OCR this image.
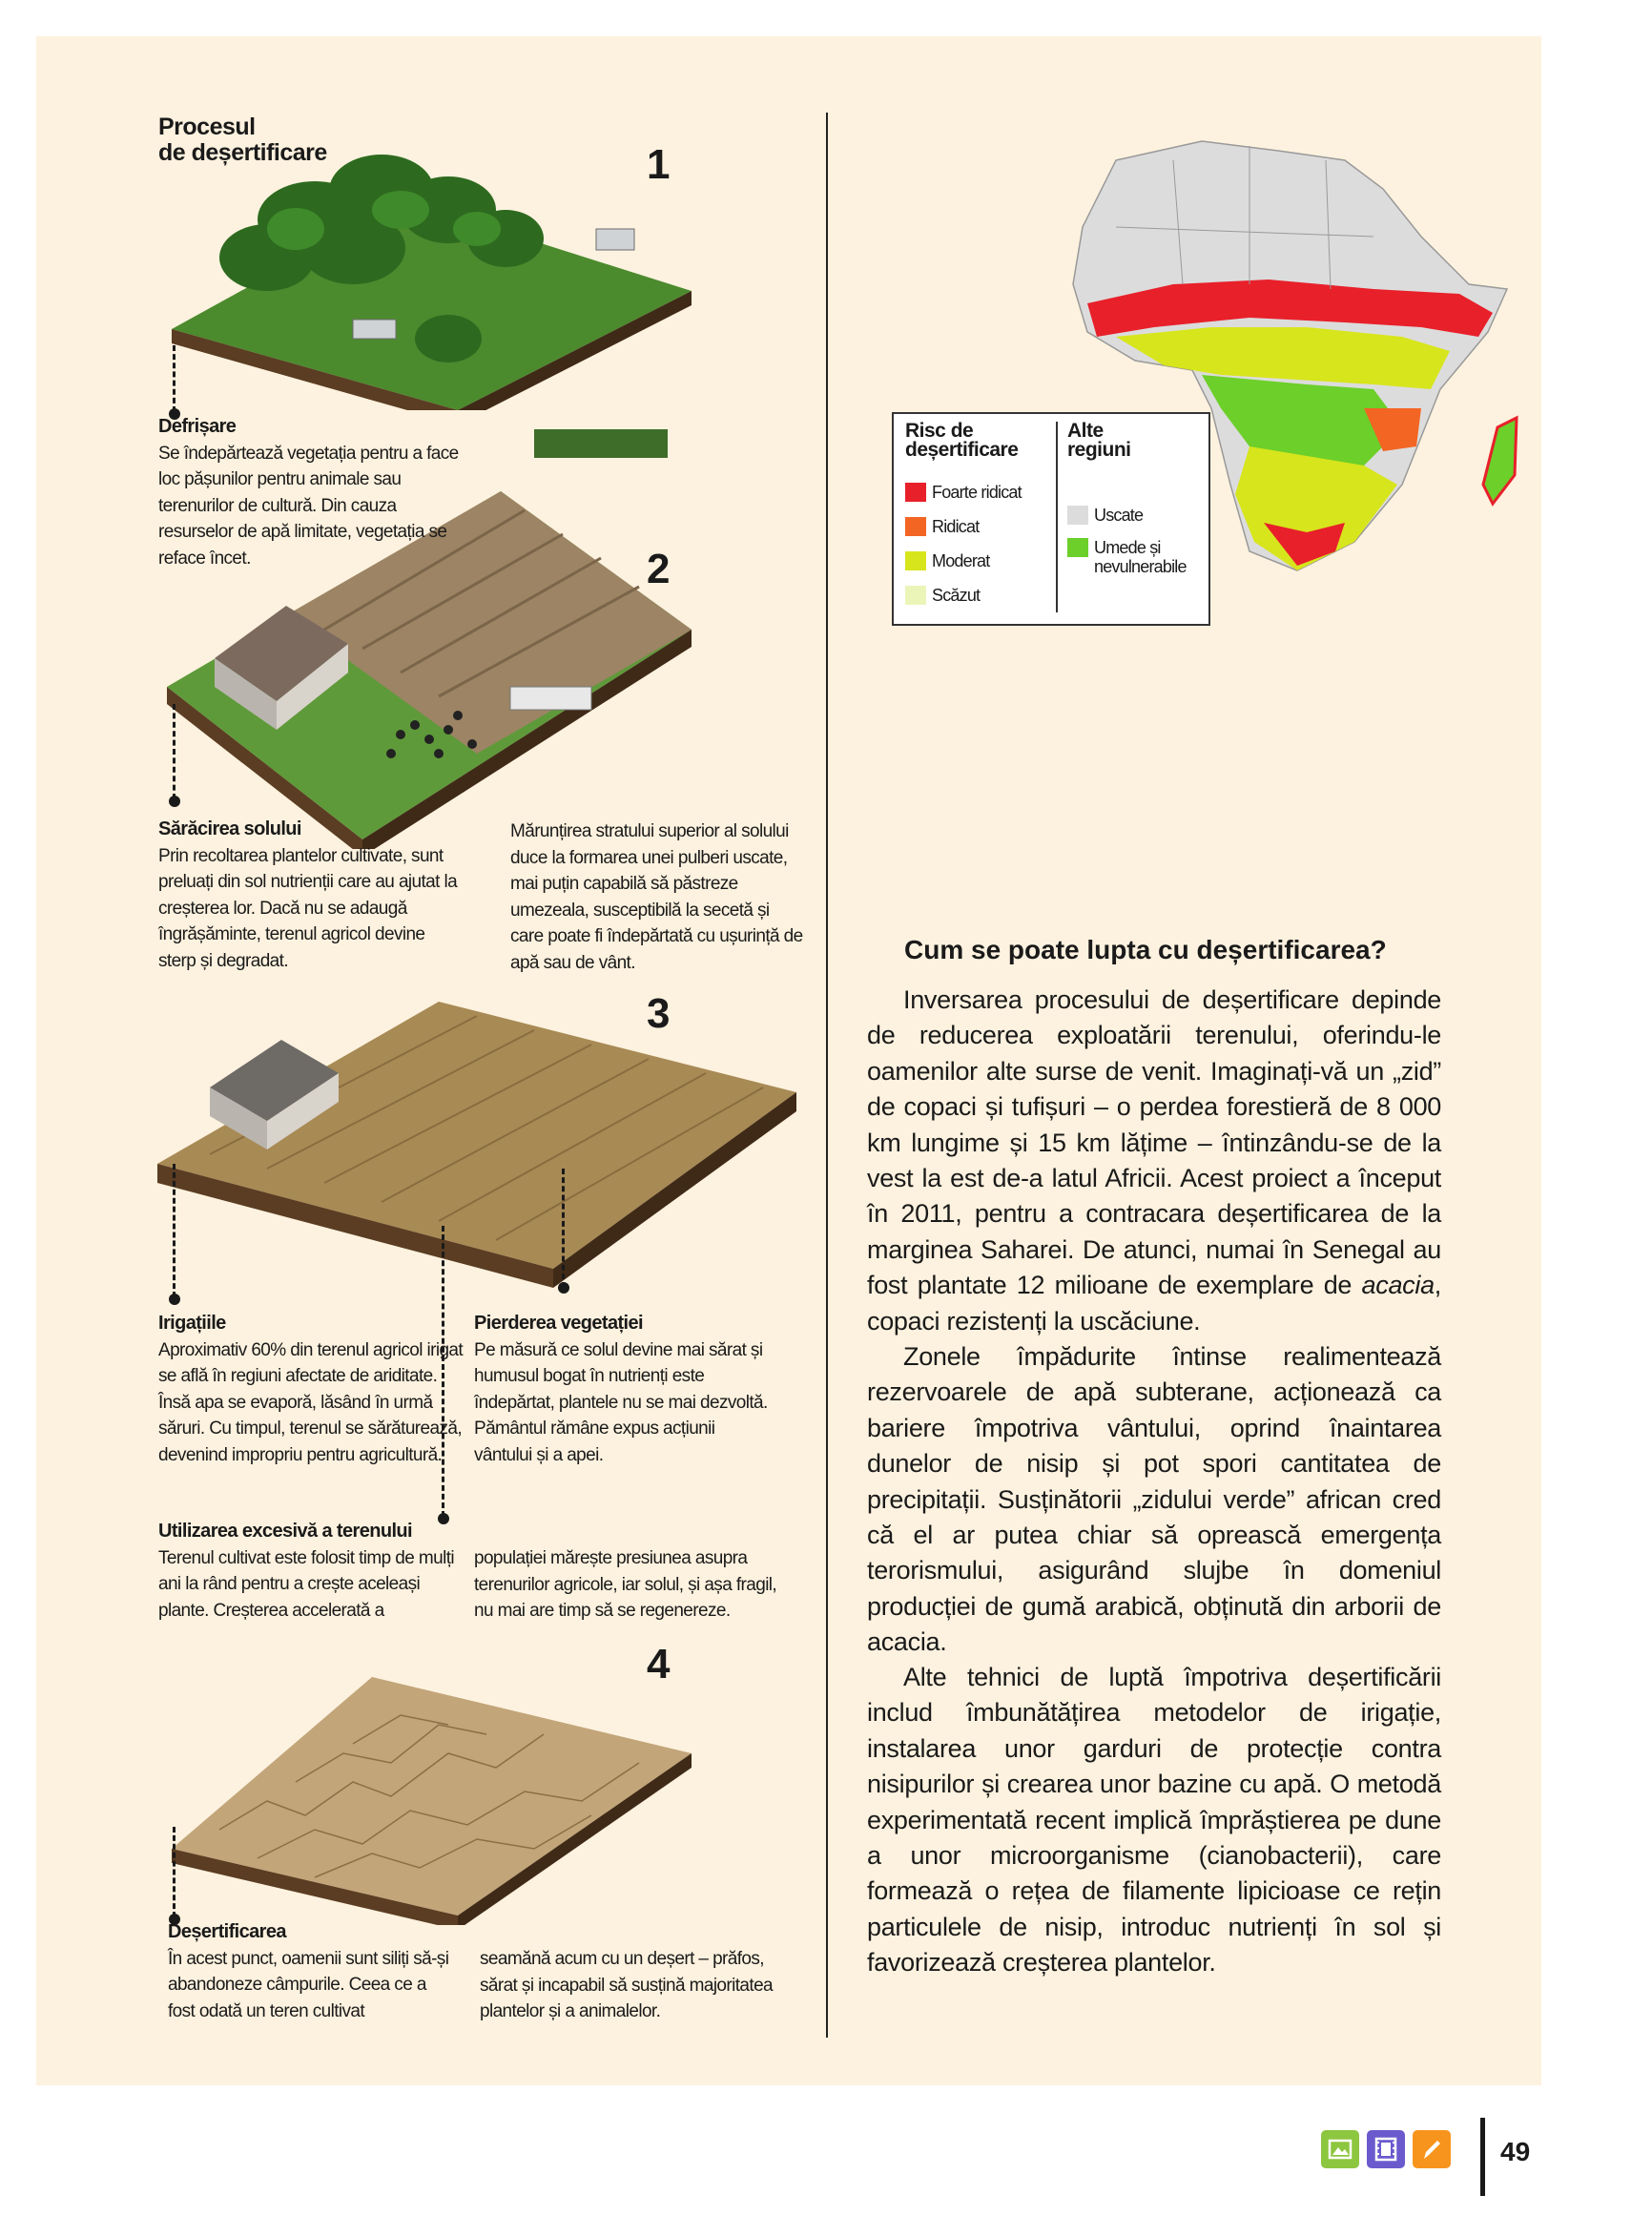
Procesul
de deșertificare	1
2
3
4
Defrișare
Se îndepărtează vegetația pentru a face loc pășunilor pentru animale sau terenurilor de cultură. Din cauza resurselor de apă limitate, vegetația se reface încet.
Sărăcirea solului
Prin recoltarea plantelor cultivate, sunt preluați din sol nutrienții care au ajutat la creșterea lor. Dacă nu se adaugă îngrășăminte, terenul agricol devine sterp și degradat.
Mărunțirea stratului superior al solului duce la formarea unei pulberi uscate, mai puțin capabilă să păstreze umezeala, susceptibilă la secetă și care poate fi îndepărtată cu ușurință de apă sau de vânt.
Irigațiile
Aproximativ 60% din terenul agricol irigat se află în regiuni afectate de ariditate. Însă apa se evaporă, lăsând în urmă săruri. Cu timpul, terenul se sărăturează, devenind impropriu pentru agricultură.
Pierderea vegetației
Pe măsură ce solul devine mai sărat și humusul bogat în nutrienți este îndepărtat, plantele nu se mai dezvoltă. Pământul rămâne expus acțiunii vântului și a apei.
Utilizarea excesivă a terenului
Terenul cultivat este folosit timp de mulți ani la rând pentru a crește aceleași plante. Creșterea accelerată a
populației mărește presiunea asupra terenurilor agricole, iar solul, și așa fragil, nu mai are timp să se regenereze.
Deșertificarea
În acest punct, oamenii sunt siliți să-și abandoneze câmpurile. Ceea ce a fost odată un teren cultivat
seamănă acum cu un deșert – prăfos, sărat și incapabil să susțină majoritatea plantelor și a animalelor.
Risc de
deșertificare
Alte
regiuni
Foarte ridicat
Ridicat
Moderat
Scăzut
Uscate
Umede și
nevulnerabile
Cum se poate lupta cu deșertificarea?
Inversarea procesului de deșertificare depinde de reducerea exploatării terenului, oferindu-le oamenilor alte surse de venit. Imaginați-vă un „zid” de copaci și tufișuri – o perdea forestieră de 8 000 km lungime și 15 km lățime – întinzându-se de la vest la est de-a latul Africii. Acest proiect a început în 2011, pentru a contracara deșertificarea de la marginea Saharei. De atunci, numai în Senegal au fost plantate 12 milioane de exemplare de acacia, copaci rezistenți la uscăciune.
Zonele împădurite întinse realimentează rezervoarele de apă subterane, acționează ca bariere împotriva vântului, oprind înaintarea dunelor de nisip și pot spori cantitatea de precipitații. Susținătorii „zidului verde” african cred că el ar putea chiar să oprească emergența terorismului, asigurând slujbe în domeniul producției de gumă arabică, obținută din arborii de acacia.
Alte tehnici de luptă împotriva deșertificării includ îmbunătățirea metodelor de irigație, instalarea unor garduri de protecție contra nisipurilor și crearea unor bazine cu apă. O metodă experimentată recent implică împrăștierea pe dune a unor microorganisme (cianobacterii), care formează o rețea de filamente lipicioase ce rețin particulele de nisip, introduc nutrienți în sol și favorizează creșterea plantelor.
49
